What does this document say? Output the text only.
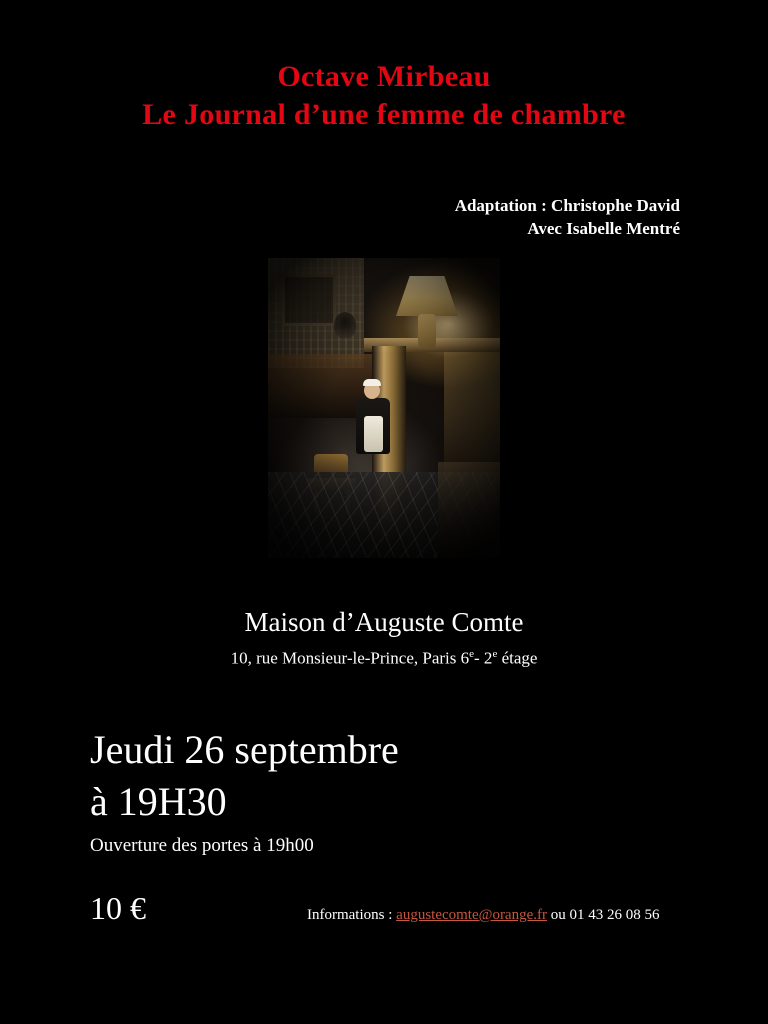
Octave Mirbeau
Le Journal d’une femme de chambre
Adaptation : Christophe David
Avec Isabelle Mentré
Maison d’Auguste Comte
10, rue Monsieur-le-Prince, Paris 6e- 2e étage
Jeudi 26 septembre
à 19H30
Ouverture des portes à 19h00
10 €	Informations : augustecomte@orange.fr ou 01 43 26 08 56
